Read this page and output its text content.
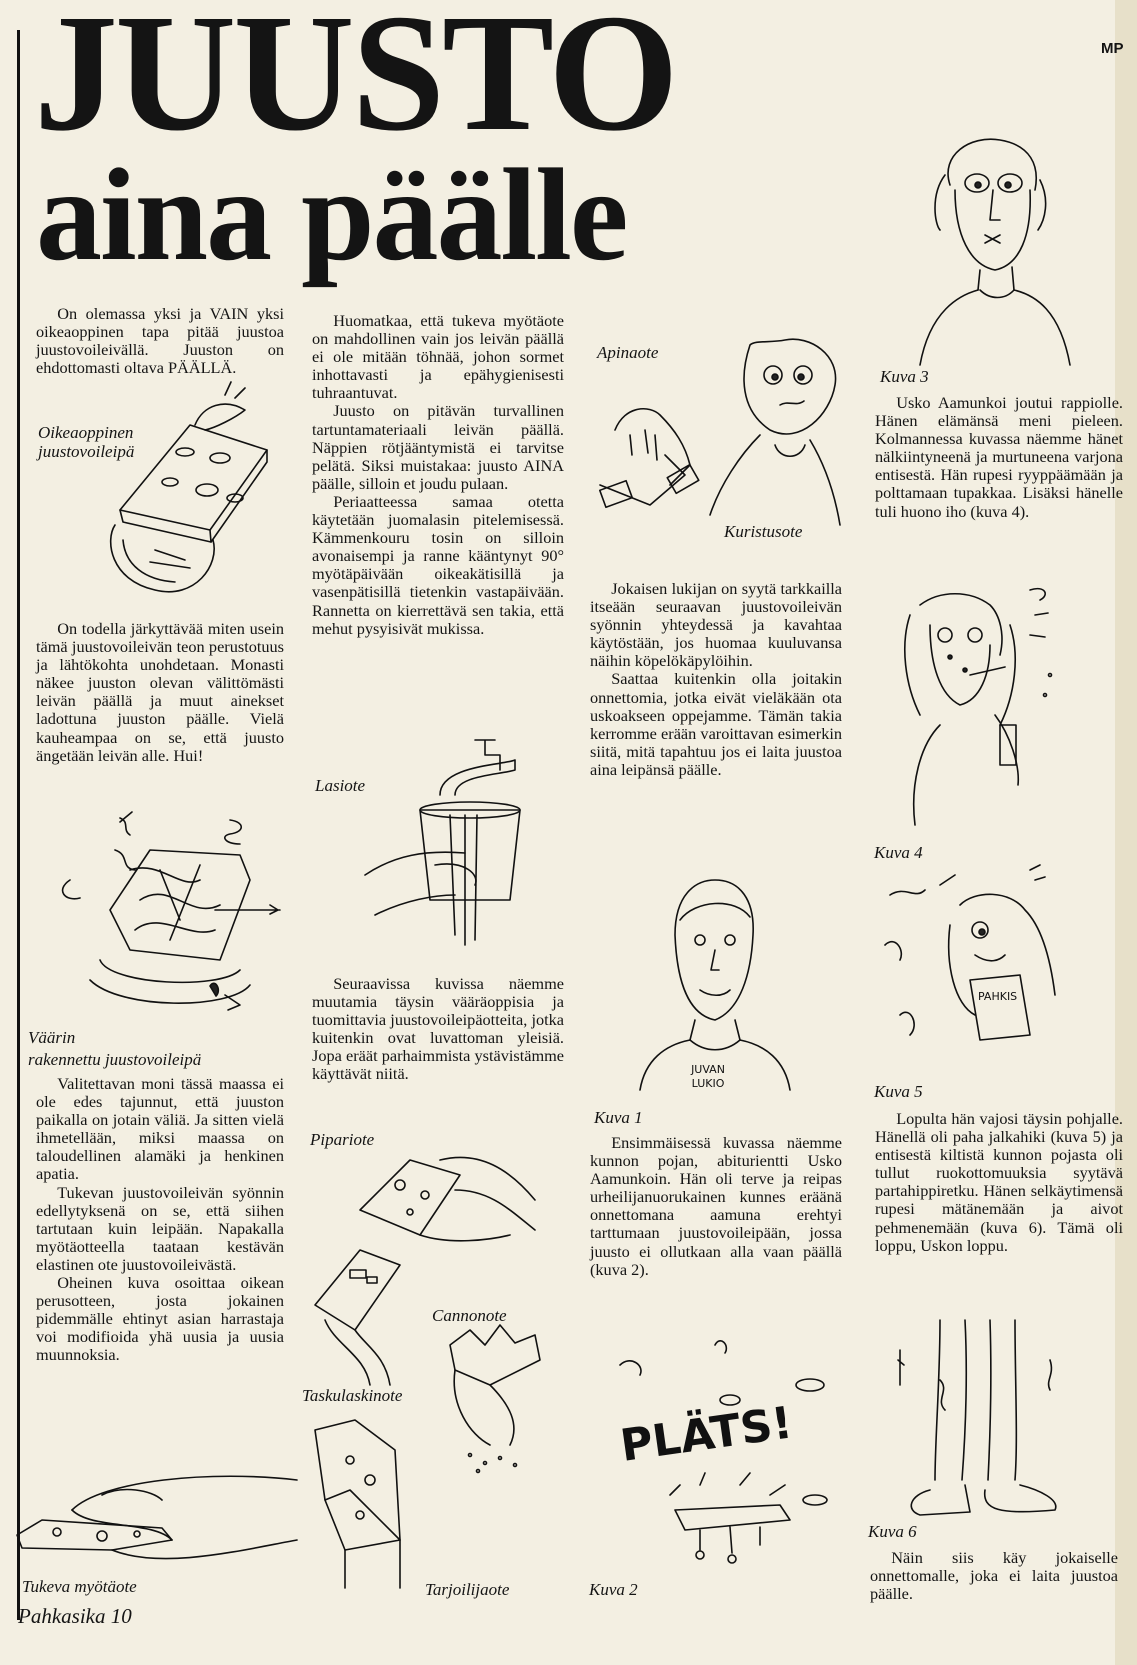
MP
JUUSTO
aina päälle

On olemassa yksi ja VAIN yksi oikeaoppinen tapa pitää juustoa juustovoileivällä. Juuston on ehdottomasti oltava PÄÄLLÄ.

Oikeaoppinen juustovoileipä

On todella järkyttävää miten usein tämä juustovoileivän teon perustotuus ja lähtökohta unohdetaan. Monasti näkee juuston olevan välittömästi leivän päällä ja muut ainekset ladottuna juuston päälle. Vielä kauheampaa on se, että juusto ängetään leivän alle. Hui!

Väärin
rakennettu juustovoileipä

Valitettavan moni tässä maassa ei ole edes tajunnut, että juuston paikalla on jotain väliä. Ja sitten vielä ihmetellään, miksi maassa on taloudellinen alamäki ja henkinen apatia.

Tukevan juustovoileivän syönnin edellytyksenä on se, että siihen tartutaan kuin leipään. Napakalla myötäotteella taataan kestävän elastinen ote juustovoileivästä.

Oheinen kuva osoittaa oikean perusotteen, josta jokainen pidemmälle ehtinyt asian harrastaja voi modifioida yhä uusia ja uusia muunnoksia.

Tukeva myötäote

Huomatkaa, että tukeva myötäote on mahdollinen vain jos leivän päällä ei ole mitään töhnää, johon sormet inhottavasti ja epähygienisesti tuhraantuvat.

Juusto on pitävän turvallinen tartuntamateriaali leivän päällä. Näppien rötjääntymistä ei tarvitse pelätä. Siksi muistakaa: juusto AINA päälle, silloin et joudu pulaan.

Periaatteessa samaa otetta käytetään juomalasin pitelemisessä. Kämmenkouru tosin on silloin avonaisempi ja ranne kääntynyt 90° myötäpäivään oikeakätisillä ja vasenpätisillä tietenkin vastapäivään. Rannetta on kierrettävä sen takia, että mehut pysyisivät mukissa.

Lasiote

Seuraavissa kuvissa näemme muutamia täysin vääräoppisia ja tuomittavia juustovoileipäotteita, jotka kuitenkin ovat luvattoman yleisiä. Jopa eräät parhaimmista ystävistämme käyttävät niitä.

Pipariote
Taskulaskinote
Cannonote
Tarjoilijaote
Apinaote
Kuristusote

Jokaisen lukijan on syytä tarkkailla itseään seuraavan juustovoileivän syönnin yhteydessä ja kavahtaa käytöstään, jos huomaa kuuluvansa näihin köpelökäpylöihin.

Saattaa kuitenkin olla joitakin onnettomia, jotka eivät vieläkään ota uskoakseen oppejamme. Tämän takia kerromme erään varoittavan esimerkin siitä, mitä tapahtuu jos ei laita juustoa aina leipänsä päälle.

JUVAN
LUKIO
Kuva 1

Ensimmäisessä kuvassa näemme kunnon pojan, abiturientti Usko Aamunkoin. Hän oli terve ja reipas urheilijanuorukainen kunnes eräänä onnettomana aamuna erehtyi tarttumaan juustovoileipään, jossa juusto ei ollutkaan alla vaan päällä (kuva 2).

PLÄTS!
Kuva 2
Kuva 3

Usko Aamunkoi joutui rappiolle. Hänen elämänsä meni pieleen. Kolmannessa kuvassa näemme hänet nälkiintyneenä ja murtuneena varjona entisestä. Hän rupesi ryyppäämään ja polttamaan tupakkaa. Lisäksi hänelle tuli huono iho (kuva 4).

Kuva 4
PAHKIS
Kuva 5

Lopulta hän vajosi täysin pohjalle. Hänellä oli paha jalkahiki (kuva 5) ja entisestä kiltistä kunnon pojasta oli tullut ruokottomuuksia syytävä partahippiretku. Hänen selkäytimensä rupesi mätänemään ja aivot pehmenemään (kuva 6). Tämä oli loppu, Uskon loppu.

Kuva 6

Näin siis käy jokaiselle onnettomalle, joka ei laita juustoa päälle.

Pahkasika 10
